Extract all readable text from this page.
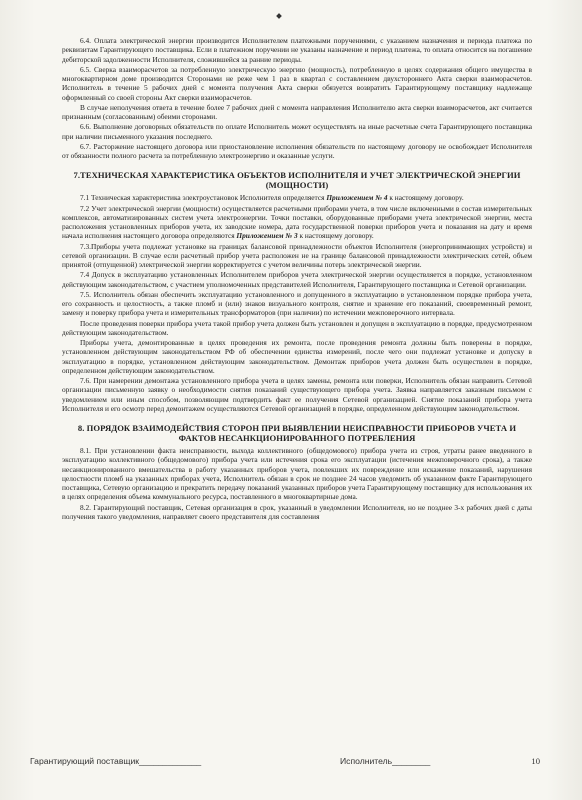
6.4. Оплата электрической энергии производится Исполнителем платежными поручениями, с указанием назначения и периода платежа по реквизитам Гарантирующего поставщика. Если в платежном поручении не указаны назначение и период платежа, то оплата относится на погашение дебиторской задолженности Исполнителя, сложившейся за ранние периоды.

6.5. Сверка взаиморасчетов за потребленную электрическую энергию (мощность), потребленную в целях содержания общего имущества в многоквартирном доме производится Сторонами не реже чем 1 раз в квартал с составлением двухстороннего Акта сверки взаиморасчетов. Исполнитель в течение 5 рабочих дней с момента получения Акта сверки обязуется возвратить Гарантирующему поставщику надлежаще оформленный со своей стороны Акт сверки взаиморасчетов.

В случае неполучения ответа в течение более 7 рабочих дней с момента направления Исполнителю акта сверки взаиморасчетов, акт считается признанным (согласованным) обеими сторонами.

6.6. Выполнение договорных обязательств по оплате Исполнитель может осуществлять на иные расчетные счета Гарантирующего поставщика при наличии письменного указания последнего.

6.7. Расторжение настоящего договора или приостановление исполнения обязательств по настоящему договору не освобождает Исполнителя от обязанности полного расчета за потребленную электроэнергию и оказанные услуги.

7.ТЕХНИЧЕСКАЯ ХАРАКТЕРИСТИКА ОБЪЕКТОВ ИСПОЛНИТЕЛЯ И УЧЕТ ЭЛЕКТРИЧЕСКОЙ ЭНЕРГИИ (МОЩНОСТИ)

7.1 Техническая характеристика электроустановок Исполнителя определяется Приложением № 4 к настоящему договору.

7.2 Учет электрической энергии (мощности) осуществляется расчетными приборами учета, в том числе включенными в состав измерительных комплексов, автоматизированных систем учета электроэнергии. Точки поставки, оборудованные приборами учета электрической энергии, места расположения установленных приборов учета, их заводские номера, дата государственной поверки приборов учета и показания на дату и время начала исполнения настоящего договора определяются Приложением № 3 к настоящему договору.

7.3.Приборы учета подлежат установке на границах балансовой принадлежности объектов Исполнителя (энергопринимающих устройств) и сетевой организации. В случае если расчетный прибор учета расположен не на границе балансовой принадлежности электрических сетей, объем принятой (отпущенной) электрической энергии корректируется с учетом величины потерь электрической энергии.

7.4 Допуск в эксплуатацию установленных Исполнителем приборов учета электрической энергии осуществляется в порядке, установленном действующим законодательством, с участием уполномоченных представителей Исполнителя, Гарантирующего поставщика и Сетевой организации.

7.5. Исполнитель обязан обеспечить эксплуатацию установленного и допущенного в эксплуатацию в установленном порядке прибора учета, его сохранность и целостность, а также пломб и (или) знаков визуального контроля, снятие и хранение его показаний, своевременный ремонт, замену и поверку прибора учета и измерительных трансформаторов (при наличии) по истечении межповерочного интервала.

После проведения поверки прибора учета такой прибор учета должен быть установлен и допущен в эксплуатацию в порядке, предусмотренном действующим законодательством.

Приборы учета, демонтированные в целях проведения их ремонта, после проведения ремонта должны быть поверены в порядке, установленном действующим законодательством РФ об обеспечении единства измерений, после чего они подлежат установке и допуску в эксплуатацию в порядке, установленном действующим законодательством. Демонтаж приборов учета должен быть осуществлен в порядке, определенном действующим законодательством.

7.6. При намерении демонтажа установленного прибора учета в целях замены, ремонта или поверки, Исполнитель обязан направить Сетевой организации письменную заявку о необходимости снятия показаний существующего прибора учета. Заявка направляется заказным письмом с уведомлением или иным способом, позволяющим подтвердить факт ее получения Сетевой организацией. Снятие показаний прибора учета Исполнителя и его осмотр перед демонтажем осуществляются Сетевой организацией в порядке, определенном действующим законодательством.

8. ПОРЯДОК ВЗАИМОДЕЙСТВИЯ СТОРОН ПРИ ВЫЯВЛЕНИИ НЕИСПРАВНОСТИ ПРИБОРОВ УЧЕТА И ФАКТОВ НЕСАНКЦИОНИРОВАННОГО ПОТРЕБЛЕНИЯ

8.1. При установлении факта неисправности, выхода коллективного (общедомового) прибора учета из строя, утраты ранее введенного в эксплуатацию коллективного (общедомового) прибора учета или истечения срока его эксплуатации (истечения межповерочного срока), а также несанкционированного вмешательства в работу указанных приборов учета, повлекших их повреждение или искажение показаний, нарушения целостности пломб на указанных приборах учета, Исполнитель обязан в срок не позднее 24 часов уведомить об указанном факте Гарантирующего поставщика, Сетевую организацию и прекратить передачу показаний указанных приборов учета Гарантирующему поставщику для использования их в целях определения объема коммунального ресурса, поставленного в многоквартирные дома.

8.2. Гарантирующий поставщик, Сетевая организация в срок, указанный в уведомлении Исполнителя, но не позднее 3-х рабочих дней с даты получения такого уведомления, направляет своего представителя для составления

Гарантирующий поставщик_____________	Исполнитель________	10
